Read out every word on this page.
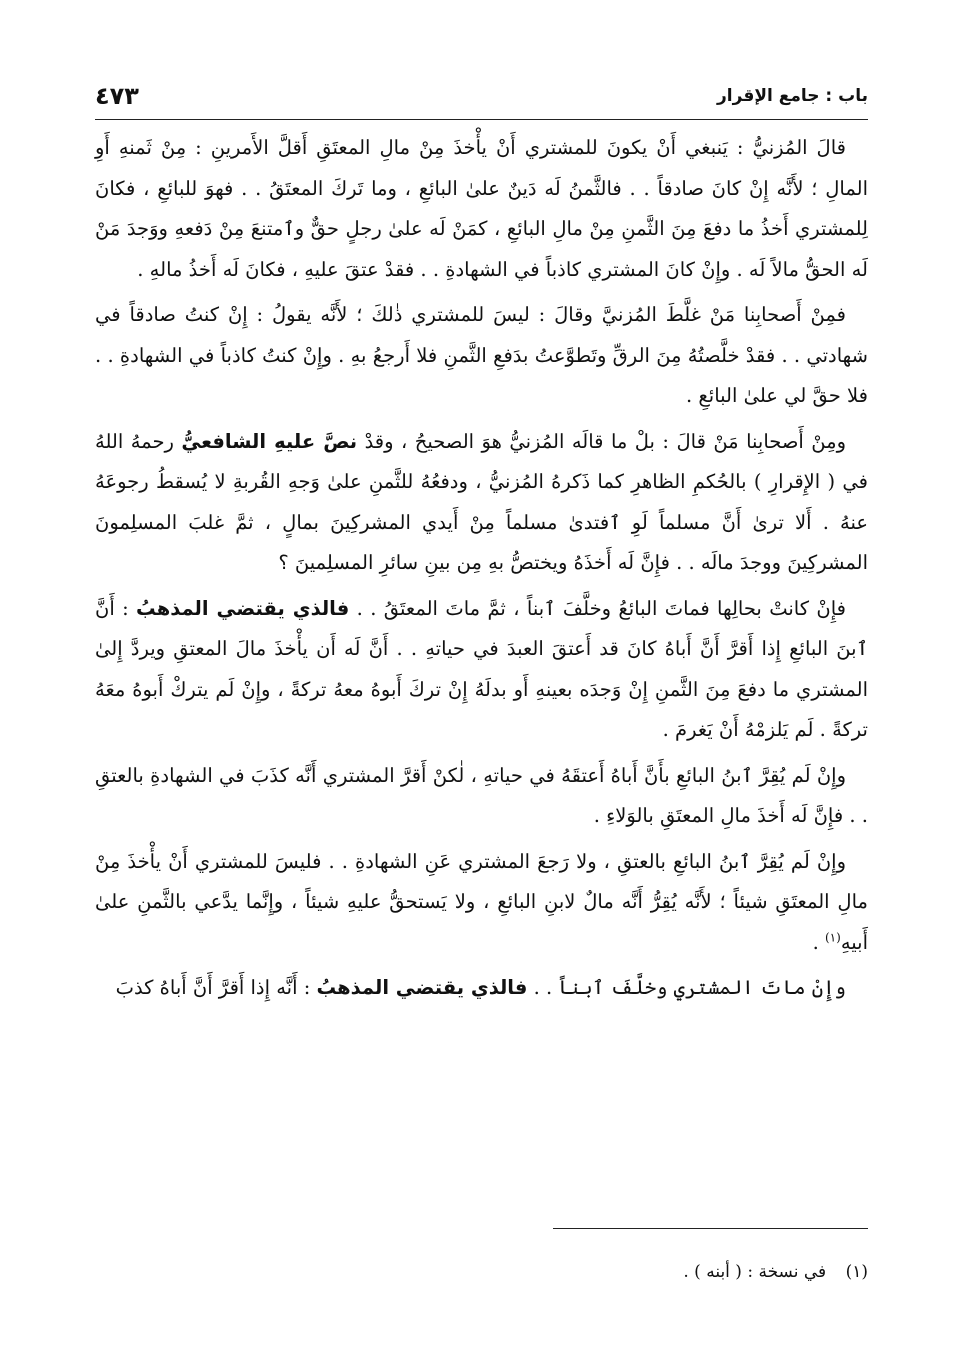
باب : جامع الإقرار
٤٧٣

قالَ المُزنيُّ : يَنبغي أَنْ يكونَ للمشتري أَنْ يأْخذَ مِنْ مالِ المعتَقِ أَقلَّ الأَمرينِ : مِنْ ثَمنهِ أَوِ المالِ ؛ لأَنَّه إِنْ كانَ صادقاً . . فالثَّمنُ لَه دَينٌ علىٰ البائعِ ، وما تَركَ المعتَقُ . . فهوَ للبائعِ ، فكانَ لِلمشتري أَخذُ ما دفعَ مِنَ الثَّمنِ مِنْ مالِ البائعِ ، كمَنْ لَه علىٰ رجلٍ حقٌّ وٱمتنعَ مِنْ دَفعهِ ووَجدَ مَنْ لَه الحقُّ مالاً لَه . وإِنْ كانَ المشتري كاذباً في الشهادةِ . . فقدْ عتقَ عليهِ ، فكانَ لَه أَخذُ مالهِ .

فمِنْ أَصحابِنا مَنْ غلَّطَ المُزنيَّ وقالَ : ليسَ للمشتري ذٰلكَ ؛ لأَنَّه يقولُ : إِنْ كنتُ صادقاً في شهادتي . . فقدْ خلَّصتُهُ مِنَ الرقِّ وتَطوَّعتُ بدَفعِ الثَّمنِ فلا أَرجعُ بهِ . وإِنْ كنتُ كاذباً في الشهادةِ . . فلا حقَّ لي علىٰ البائعِ .

ومِنْ أَصحابِنا مَنْ قالَ : بلْ ما قالَه المُزنيُّ هوَ الصحيحُ ، وقدْ نصَّ عليهِ الشافعيُّ رحمهُ اللهُ في ( الإِقرارِ ) بالحُكمِ الظاهرِ كما ذَكرهُ المُزنيُّ ، ودفعُهُ للثَّمنِ علىٰ وَجهِ القُربةِ لا يُسقطُ رجوعَهُ عنهُ . أَلا ترىٰ أَنَّ مسلماً لَوِ ٱفتدىٰ مسلماً مِنْ أَيدي المشركِينَ بمالٍ ، ثمَّ غلبَ المسلِمونَ المشركِينَ ووجدَ مالَه . . فإِنَّ لَه أَخذَهُ ويختصُّ بهِ مِن بينِ سائرِ المسلِمينَ ؟

فإِنْ كانتْ بحالِها فماتَ البائعُ وخلَّفَ ٱبناً ، ثمَّ ماتَ المعتَقُ . . فالذي يقتضي المذهبُ : أَنَّ ٱبنَ البائعِ إِذا أَقرَّ أَنَّ أَباهُ كانَ قد أَعتقَ العبدَ في حياتهِ . . أَنَّ لَه أَن يأْخذَ مالَ المعتقِ ويردَّ إِلىٰ المشتري ما دفعَ مِنَ الثَّمنِ إِنْ وَجدَه بعينهِ أَو بدلَهُ إِنْ تركَ أَبوهُ معهُ تركةً ، وإِنْ لَم يتركْ أَبوهُ معَهُ تركةً . لَم يَلزمْهُ أَنْ يَغرمَ .

وإِنْ لَم يُقِرَّ ٱبنُ البائعِ بأَنَّ أَباهُ أَعتقَهُ في حياتهِ ، لٰكنْ أَقرَّ المشتري أَنَّه كذَبَ في الشهادةِ بالعتقِ . . فإِنَّ لَه أَخذَ مالِ المعتَقِ بالوَلاءِ .

وإِنْ لَم يُقِرَّ ٱبنُ البائعِ بالعتقِ ، ولا رَجعَ المشتري عَنِ الشهادةِ . . فليسَ للمشتري أَنْ يأْخذَ مِنْ مالِ المعتَقِ شيئاً ؛ لأَنَّه يُقِرُّ أَنَّه مالٌ لابنِ البائعِ ، ولا يَستحقُّ عليهِ شيئاً ، وإِنَّما يدَّعي بالثَّمنِ علىٰ أَبيهِ$^{(١)}$ .

وإِنْ ماتَ المشتري وخلَّفَ ٱبناً . . فالذي يقتضي المذهبُ : أَنَّه إِذا أَقرَّ أَنَّ أَباهُ كذبَ

(١) في نسخة : ( أبنه ) .
